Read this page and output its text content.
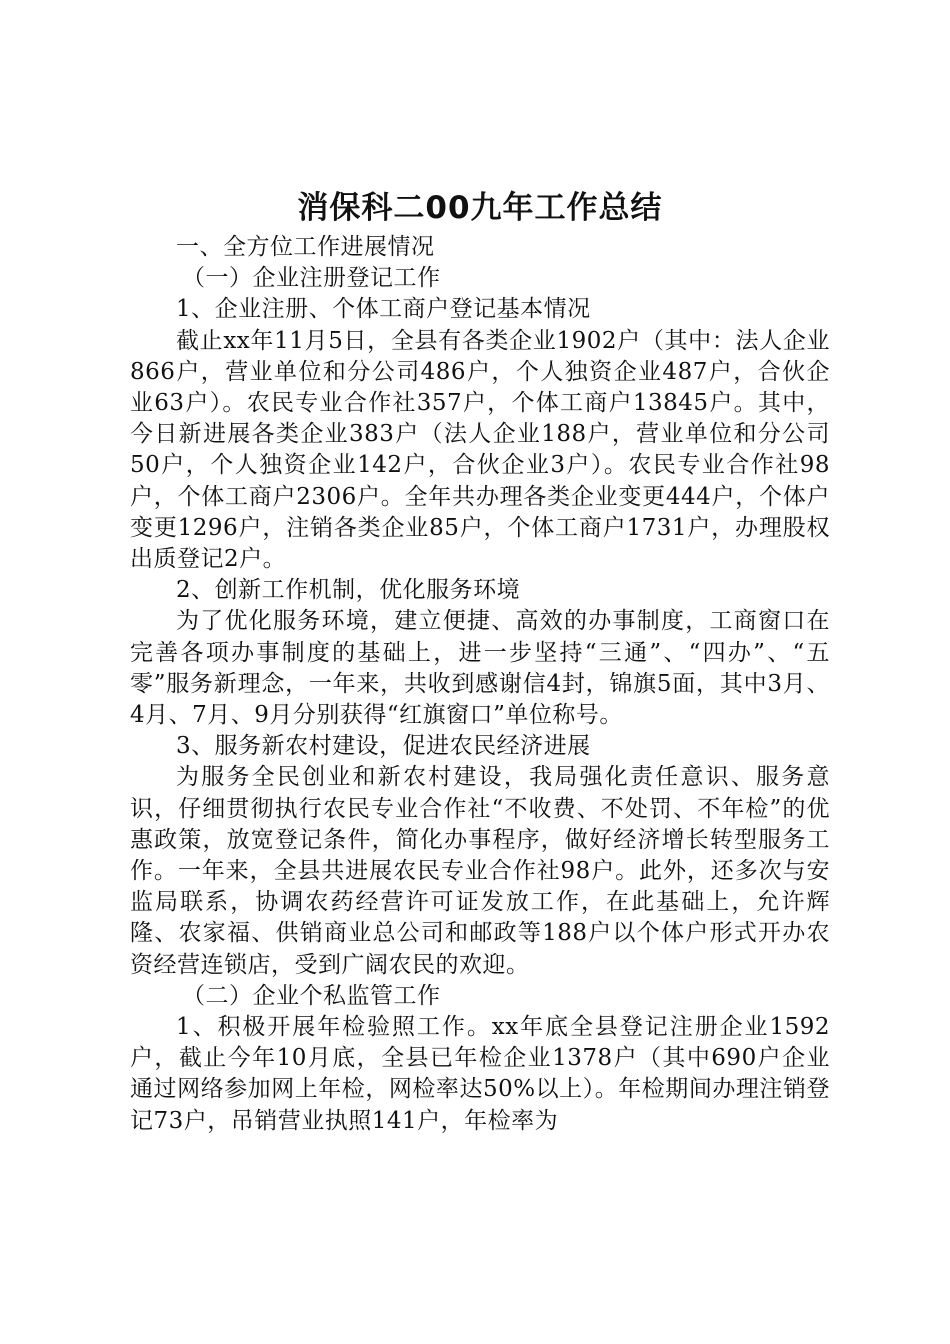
消保科二00九年工作总结
一、全方位工作进展情况
（一）企业注册登记工作
1、企业注册、个体工商户登记基本情况

截止xx年11月5日，全县有各类企业1902户（其中：法人企业866户，营业单位和分公司486户，个人独资企业487户，合伙企业63户）。农民专业合作社357户，个体工商户13845户。其中，今日新进展各类企业383户（法人企业188户，营业单位和分公司50户，个人独资企业142户，合伙企业3户）。农民专业合作社98户，个体工商户2306户。全年共办理各类企业变更444户，个体户变更1296户，注销各类企业85户，个体工商户1731户，办理股权出质登记2户。

2、创新工作机制，优化服务环境

为了优化服务环境，建立便捷、高效的办事制度，工商窗口在完善各项办事制度的基础上，进一步坚持“三通”、“四办”、“五零”服务新理念，一年来，共收到感谢信4封，锦旗5面，其中3月、4月、7月、9月分别获得“红旗窗口”单位称号。

3、服务新农村建设，促进农民经济进展

为服务全民创业和新农村建设，我局强化责任意识、服务意识，仔细贯彻执行农民专业合作社“不收费、不处罚、不年检”的优惠政策，放宽登记条件，简化办事程序，做好经济增长转型服务工作。一年来，全县共进展农民专业合作社98户。此外，还多次与安监局联系，协调农药经营许可证发放工作，在此基础上，允许辉隆、农家福、供销商业总公司和邮政等188户以个体户形式开办农资经营连锁店，受到广阔农民的欢迎。

（二）企业个私监管工作

1、积极开展年检验照工作。xx年底全县登记注册企业1592户，截止今年10月底，全县已年检企业1378户（其中690户企业通过网络参加网上年检，网检率达50%以上）。年检期间办理注销登记73户，吊销营业执照141户，年检率为
